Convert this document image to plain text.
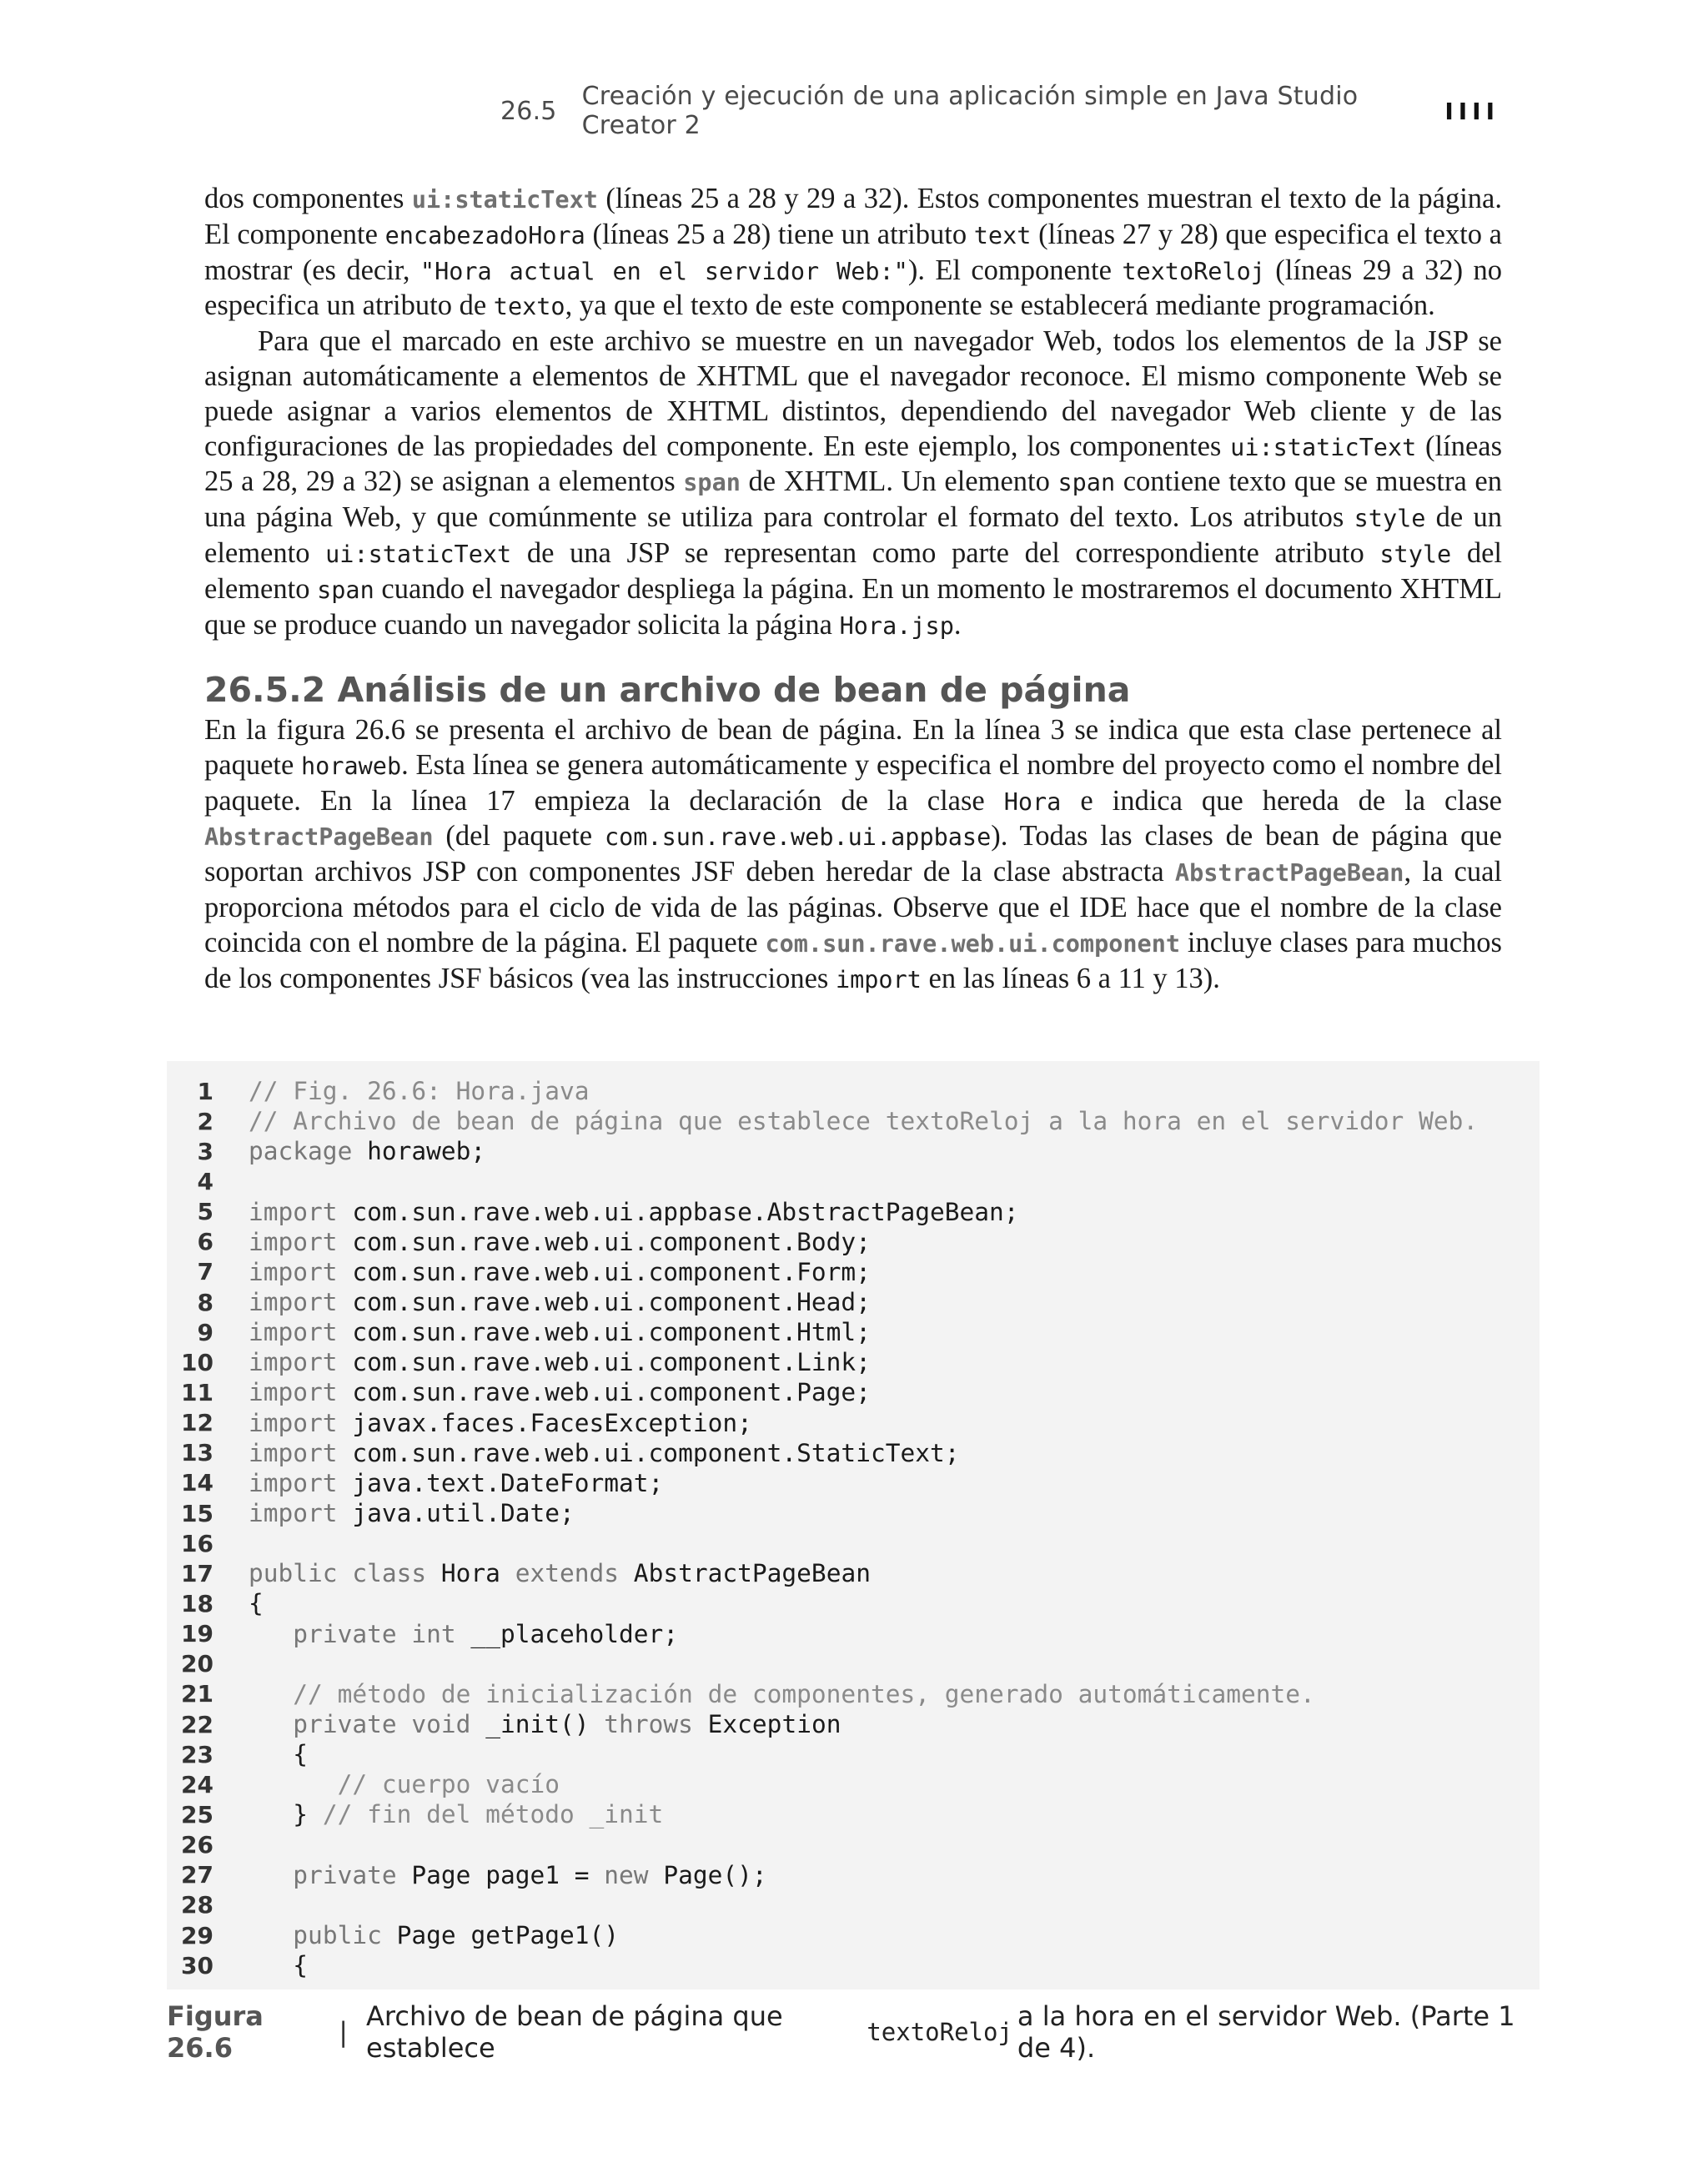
26.5 Creación y ejecución de una aplicación simple en Java Studio Creator 2	IIII

dos componentes ui:staticText (líneas 25 a 28 y 29 a 32). Estos componentes muestran el texto de la página. El componente encabezadoHora (líneas 25 a 28) tiene un atributo text (líneas 27 y 28) que especifica el texto a mostrar (es decir, "Hora actual en el servidor Web:"). El componente textoReloj (líneas 29 a 32) no especifica un atributo de texto, ya que el texto de este componente se establecerá mediante programación.

Para que el marcado en este archivo se muestre en un navegador Web, todos los elementos de la JSP se asignan automáticamente a elementos de XHTML que el navegador reconoce. El mismo componente Web se puede asignar a varios elementos de XHTML distintos, dependiendo del navegador Web cliente y de las configuraciones de las propiedades del componente. En este ejemplo, los componentes ui:staticText (líneas 25 a 28, 29 a 32) se asignan a elementos span de XHTML. Un elemento span contiene texto que se muestra en una página Web, y que comúnmente se utiliza para controlar el formato del texto. Los atributos style de un elemento ui:staticText de una JSP se representan como parte del correspondiente atributo style del elemento span cuando el navegador despliega la página. En un momento le mostraremos el documento XHTML que se produce cuando un navegador solicita la página Hora.jsp.

26.5.2 Análisis de un archivo de bean de página

En la figura 26.6 se presenta el archivo de bean de página. En la línea 3 se indica que esta clase pertenece al paquete horaweb. Esta línea se genera automáticamente y especifica el nombre del proyecto como el nombre del paquete. En la línea 17 empieza la declaración de la clase Hora e indica que hereda de la clase AbstractPageBean (del paquete com.sun.rave.web.ui.appbase). Todas las clases de bean de página que soportan archivos JSP con componentes JSF deben heredar de la clase abstracta AbstractPageBean, la cual proporciona métodos para el ciclo de vida de las páginas. Observe que el IDE hace que el nombre de la clase coincida con el nombre de la página. El paquete com.sun.rave.web.ui.component incluye clases para muchos de los componentes JSF básicos (vea las instrucciones import en las líneas 6 a 11 y 13).

1 // Fig. 26.6: Hora.java
2 // Archivo de bean de página que establece textoReloj a la hora en el servidor Web.
3 package horaweb;
4
5 import com.sun.rave.web.ui.appbase.AbstractPageBean;
6 import com.sun.rave.web.ui.component.Body;
7 import com.sun.rave.web.ui.component.Form;
8 import com.sun.rave.web.ui.component.Head;
9 import com.sun.rave.web.ui.component.Html;
10 import com.sun.rave.web.ui.component.Link;
11 import com.sun.rave.web.ui.component.Page;
12 import javax.faces.FacesException;
13 import com.sun.rave.web.ui.component.StaticText;
14 import java.text.DateFormat;
15 import java.util.Date;
16
17 public class Hora extends AbstractPageBean
18 {
19	private int __placeholder;
20
21	// método de inicialización de componentes, generado automáticamente.
22	private void _init() throws Exception
23 {
24	// cuerpo vacío
25 } // fin del método _init
26
27	private Page page1 = new Page();
28
29	public Page getPage1()
30 {
Figura 26.6	| Archivo de bean de página que establece	textoReloj a la hora en el servidor Web. (Parte 1 de 4).
